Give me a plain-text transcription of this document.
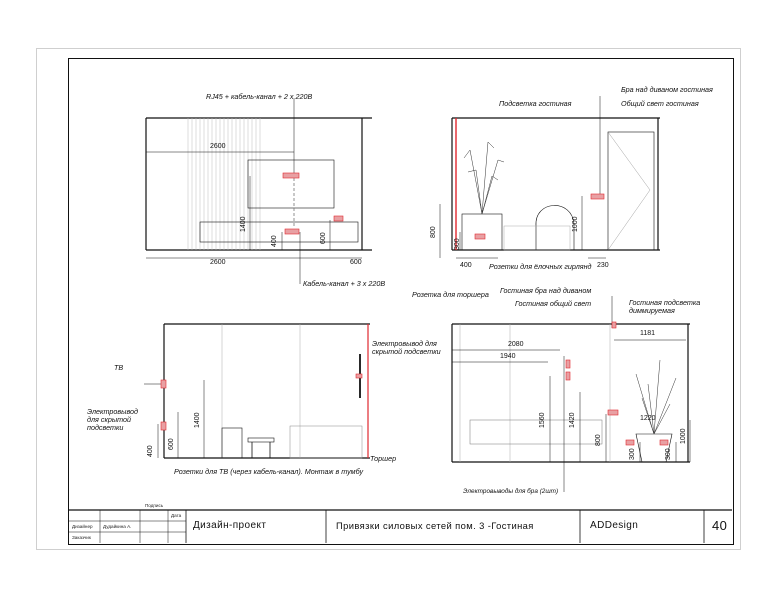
RJ45 + кабель-канал + 2 x 220В
Кабель-канал + 3 x 220В
2600
2600	600
1400
400	600
Бра над диваном гостиная
Подсветка гостиная	Общий свет гостиная
Розетки для ёлочных гирлянд
Розетка для торшера
800
300
1000
400	230
ТВ
Электровывод для скрытой подсветки
Электровывод для скрытой подсветки
Розетки для ТВ (через кабель-канал). Монтаж в тумбу
Торшер
1400
600
400
Гостиная бра над диваном
Гостиная общий свет	Гостиная подсветка диммируемая
Электровыводы для бра (2шт)
2080
1940
1181
1560	1420
800
1220
300	300
1000
Подпись
Дата
Дизайнер Дудайкина А.
Заказчик
Дизайн-проект	Привязки силовых сетей пом. 3 -Гостиная	ADDesign	40
